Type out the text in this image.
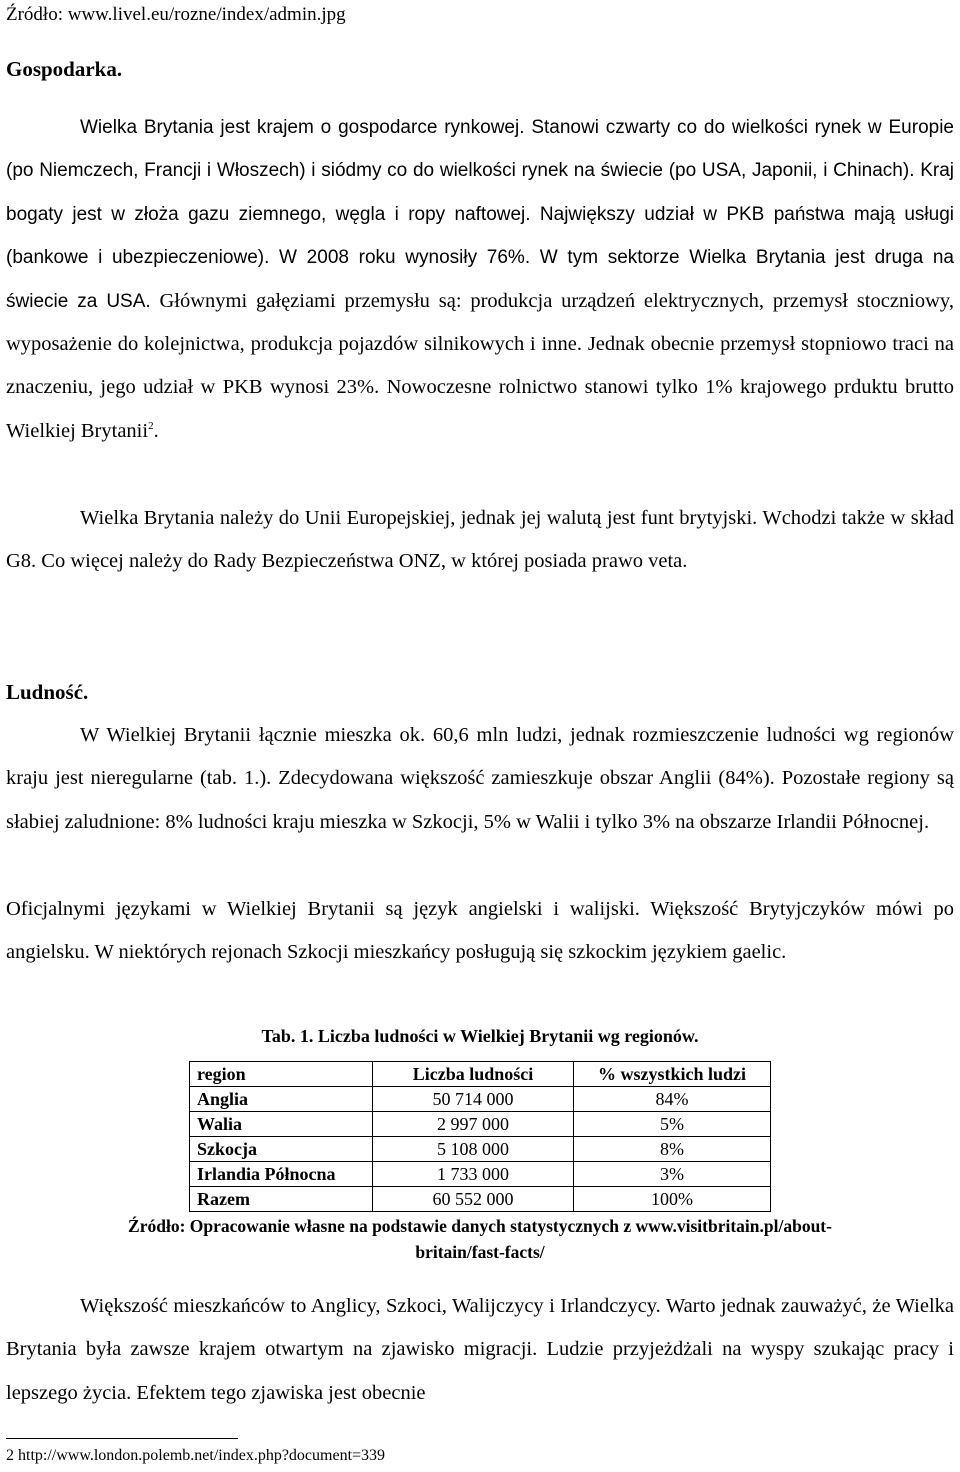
Źródło: www.livel.eu/rozne/index/admin.jpg
Gospodarka.

Wielka Brytania jest krajem o gospodarce rynkowej. Stanowi czwarty co do wielkości rynek w Europie (po Niemczech, Francji i Włoszech) i siódmy co do wielkości rynek na świecie (po USA, Japonii, i Chinach). Kraj bogaty jest w złoża gazu ziemnego, węgla i ropy naftowej. Największy udział w PKB państwa mają usługi (bankowe i ubezpieczeniowe). W 2008 roku wynosiły 76%. W tym sektorze Wielka Brytania jest druga na świecie za USA. Głównymi gałęziami przemysłu są: produkcja urządzeń elektrycznych, przemysł stoczniowy, wyposażenie do kolejnictwa, produkcja pojazdów silnikowych i inne. Jednak obecnie przemysł stopniowo traci na znaczeniu, jego udział w PKB wynosi 23%. Nowoczesne rolnictwo stanowi tylko 1% krajowego prduktu brutto Wielkiej Brytanii$^2$.

Wielka Brytania należy do Unii Europejskiej, jednak jej walutą jest funt brytyjski. Wchodzi także w skład G8. Co więcej należy do Rady Bezpieczeństwa ONZ, w której posiada prawo veta.

Ludność.

W Wielkiej Brytanii łącznie mieszka ok. 60,6 mln ludzi, jednak rozmieszczenie ludności wg regionów kraju jest nieregularne (tab. 1.). Zdecydowana większość zamieszkuje obszar Anglii (84%). Pozostałe regiony są słabiej zaludnione: 8% ludności kraju mieszka w Szkocji, 5% w Walii i tylko 3% na obszarze Irlandii Północnej.

Oficjalnymi językami w Wielkiej Brytanii są język angielski i walijski. Większość Brytyjczyków mówi po angielsku. W niektórych rejonach Szkocji mieszkańcy posługują się szkockim językiem gaelic.

Tab. 1. Liczba ludności w Wielkiej Brytanii wg regionów.
region	Liczba ludności	% wszystkich ludzi
Anglia	50 714 000	84%
Walia	2 997 000	5%
Szkocja	5 108 000	8%
Irlandia Północna	1 733 000	3%
Razem	60 552 000	100%
Źródło: Opracowanie własne na podstawie danych statystycznych z www.visitbritain.pl/about-
britain/fast-facts/

Większość mieszkańców to Anglicy, Szkoci, Walijczycy i Irlandczycy. Warto jednak zauważyć, że Wielka Brytania była zawsze krajem otwartym na zjawisko migracji. Ludzie przyjeżdżali na wyspy szukając pracy i lepszego życia. Efektem tego zjawiska jest obecnie

2 http://www.london.polemb.net/index.php?document=339
